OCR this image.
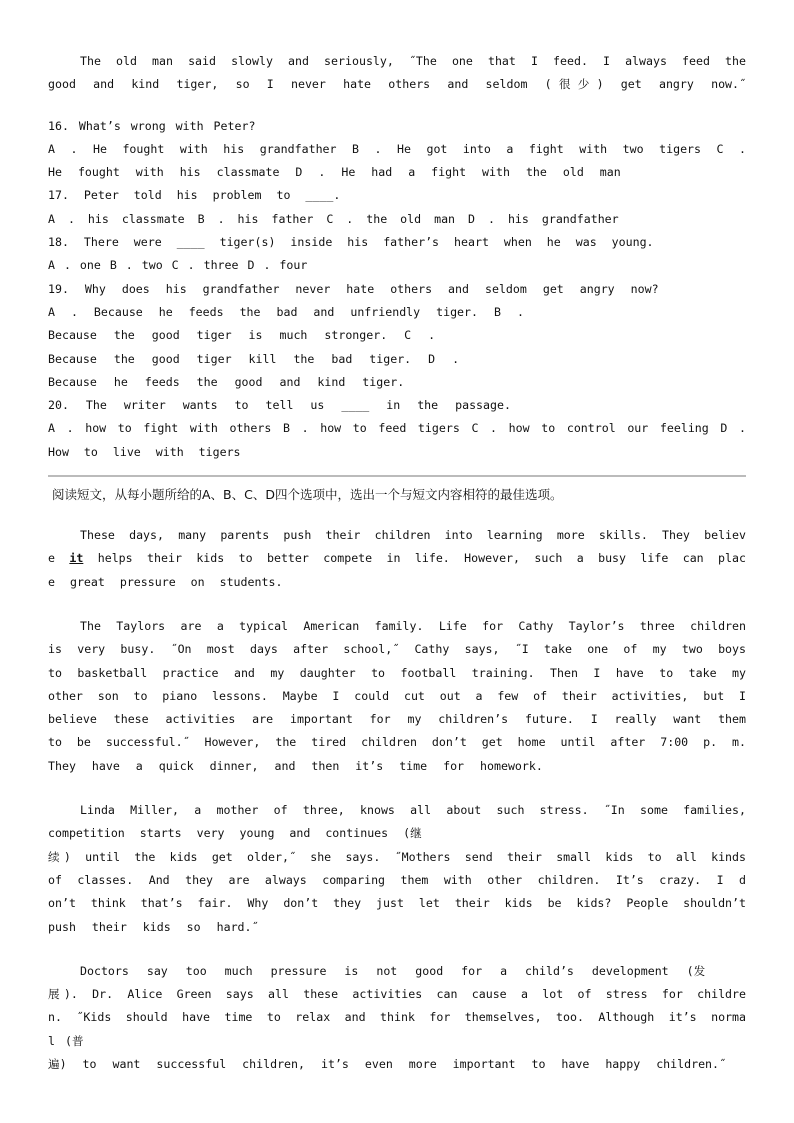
The old man said slowly and seriously, ˝The one that I feed. I always feed the
good and kind tiger, so I never hate others and seldom (很少) get angry now.˝
16. What’s wrong with Peter?
A . He fought with his grandfather B . He got into a fight with two tigers C .
He fought with his classmate D . He had a fight with the old man
17. Peter told his problem to ____.
A . his classmate B . his father C . the old man D . his grandfather
18. There were ____ tiger(s) inside his father’s heart when he was young.
A . one B . two C . three D . four
19. Why does his grandfather never hate others and seldom get angry now?
A . Because he feeds the bad and unfriendly tiger. B .
Because the good tiger is much stronger. C .
Because the good tiger kill the bad tiger. D .
Because he feeds the good and kind tiger.
20. The writer wants to tell us ____ in the passage.
A . how to fight with others B . how to feed tigers C . how to control our feeling D .
How to live with tigers
阅读短文，从每小题所给的A、B、C、D四个选项中，选出一个与短文内容相符的最佳选项。
These days, many parents push their children into learning more skills. They believ
e it helps their kids to better compete in life. However, such a busy life can plac
e great pressure on students.
The Taylors are a typical American family. Life for Cathy Taylor’s three children
is very busy. ˝On most days after school,˝ Cathy says, ˝I take one of my two boys
to basketball practice and my daughter to football training. Then I have to take my
other son to piano lessons. Maybe I could cut out a few of their activities, but I
believe these activities are important for my children’s future. I really want them
to be successful.˝ However, the tired children don’t get home until after 7:00 p. m.
They have a quick dinner, and then it’s time for homework.
Linda Miller, a mother of three, knows all about such stress. ˝In some families,
competition starts very young and continues (继
续) until the kids get older,˝ she says. ˝Mothers send their small kids to all kinds
of classes. And they are always comparing them with other children. It’s crazy. I d
on’t think that’s fair. Why don’t they just let their kids be kids? People shouldn’t
push their kids so hard.˝
Doctors say too much pressure is not good for a child’s development (发
展). Dr. Alice Green says all these activities can cause a lot of stress for childre
n. ˝Kids should have time to relax and think for themselves, too. Although it’s norma
l (普
遍) to want successful children, it’s even more important to have happy children.˝
